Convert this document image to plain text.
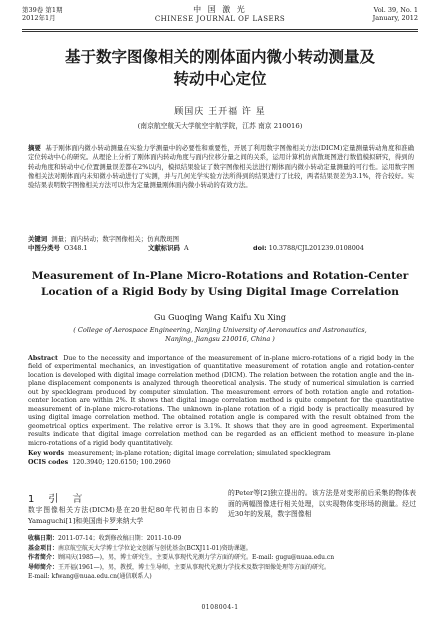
第39卷 第1期
2012年1月
中 国 激 光
CHINESE JOURNAL OF LASERS
Vol. 39, No. 1
January, 2012
基于数字图像相关的刚体面内微小转动测量及
转动中心定位
顾国庆 王开福 许 星
(南京航空航天大学航空宇航学院，江苏 南京 210016)
摘要 基于刚体面内微小转动测量在实验力学测量中的必要性和重要性，开展了利用数字图像相关方法(DICM)定量测量转动角度和准确定位转动中心的研究。从理论上分析了刚体面内转动角度与面内位移分量之间的关系，运用计算机仿真散斑图进行数值模拟研究，得到的转动角度和转动中心位置测量误差都在2%以内，模拟结果验证了数字图像相关法进行刚体面内微小转动定量测量的可行性。运用数字图像相关法对刚体面内未知微小转动进行了实测，并与几何光学实验方法所得到的结果进行了比较，两者结果误差为3.1%，符合较好。实验结果表明数字图像相关方法可以作为定量测量刚体面内微小转动的有效方法。
关键词 测量；面内转动；数字图像相关；仿真散斑图
中图分类号 O348.1	文献标识码 A	doi: 10.3788/CJL201239.0108004
Measurement of In-Plane Micro-Rotations and Rotation-Center
Location of a Rigid Body by Using Digital Image Correlation
Gu Guoqing Wang Kaifu Xu Xing
( College of Aerospace Engineering, Nanjing University of Aeronautics and Astronautics,
Nanjing, Jiangsu 210016, China )
Abstract Due to the necessity and importance of the measurement of in-plane micro-rotations of a rigid body in the field of experimental mechanics, an investigation of quantitative measurement of rotation angle and rotation-center location is developed with digital image correlation method (DICM). The relation between the rotation angle and the in-plane displacement components is analyzed through theoretical analysis. The study of numerical simulation is carried out by specklegram produced by computer simulation. The measurement errors of both rotation angle and rotation-center location are within 2%. It shows that digital image correlation method is quite competent for the quantitative measurement of in-plane micro-rotations. The unknown in-plane rotation of a rigid body is practically measured by using digital image correlation method. The obtained rotation angle is compared with the result obtained from the geometrical optics experiment. The relative error is 3.1%. It shows that they are in good agreement. Experimental results indicate that digital image correlation method can be regarded as an efficient method to measure in-plane micro-rotations of a rigid body quantitatively.
Key words measurement; in-plane rotation; digital image correlation; simulated specklegram
OCIS codes 120.3940; 120.6150; 100.2960
1引言
数字图像相关方法(DICM)是在20世纪80年代初由日本的Yamaguchi[1]和美国南卡罗来纳大学
的Peter等[2]独立提出的。该方法是对变形前后采集的物体表面的两幅图像进行相关处理，以实现物体变形场的测量。经过近30年的发展，数字图像相
收稿日期：2011-07-14；收到修改稿日期：2011-10-09
基金项目：南京航空航天大学博士学位论文创新与创优基金(BCXJ11-01)资助课题。
作者简介：顾国庆(1985—)，男，博士研究生，主要从事现代光测力学方面的研究。E-mail: gugu@nuaa.edu.cn
导师简介：王开福(1961—)，男，教授，博士生导师，主要从事现代光测力学技术及数字图像处理等方面的研究。
E-mail: kfwang@nuaa.edu.cn(通信联系人)
0108004-1
